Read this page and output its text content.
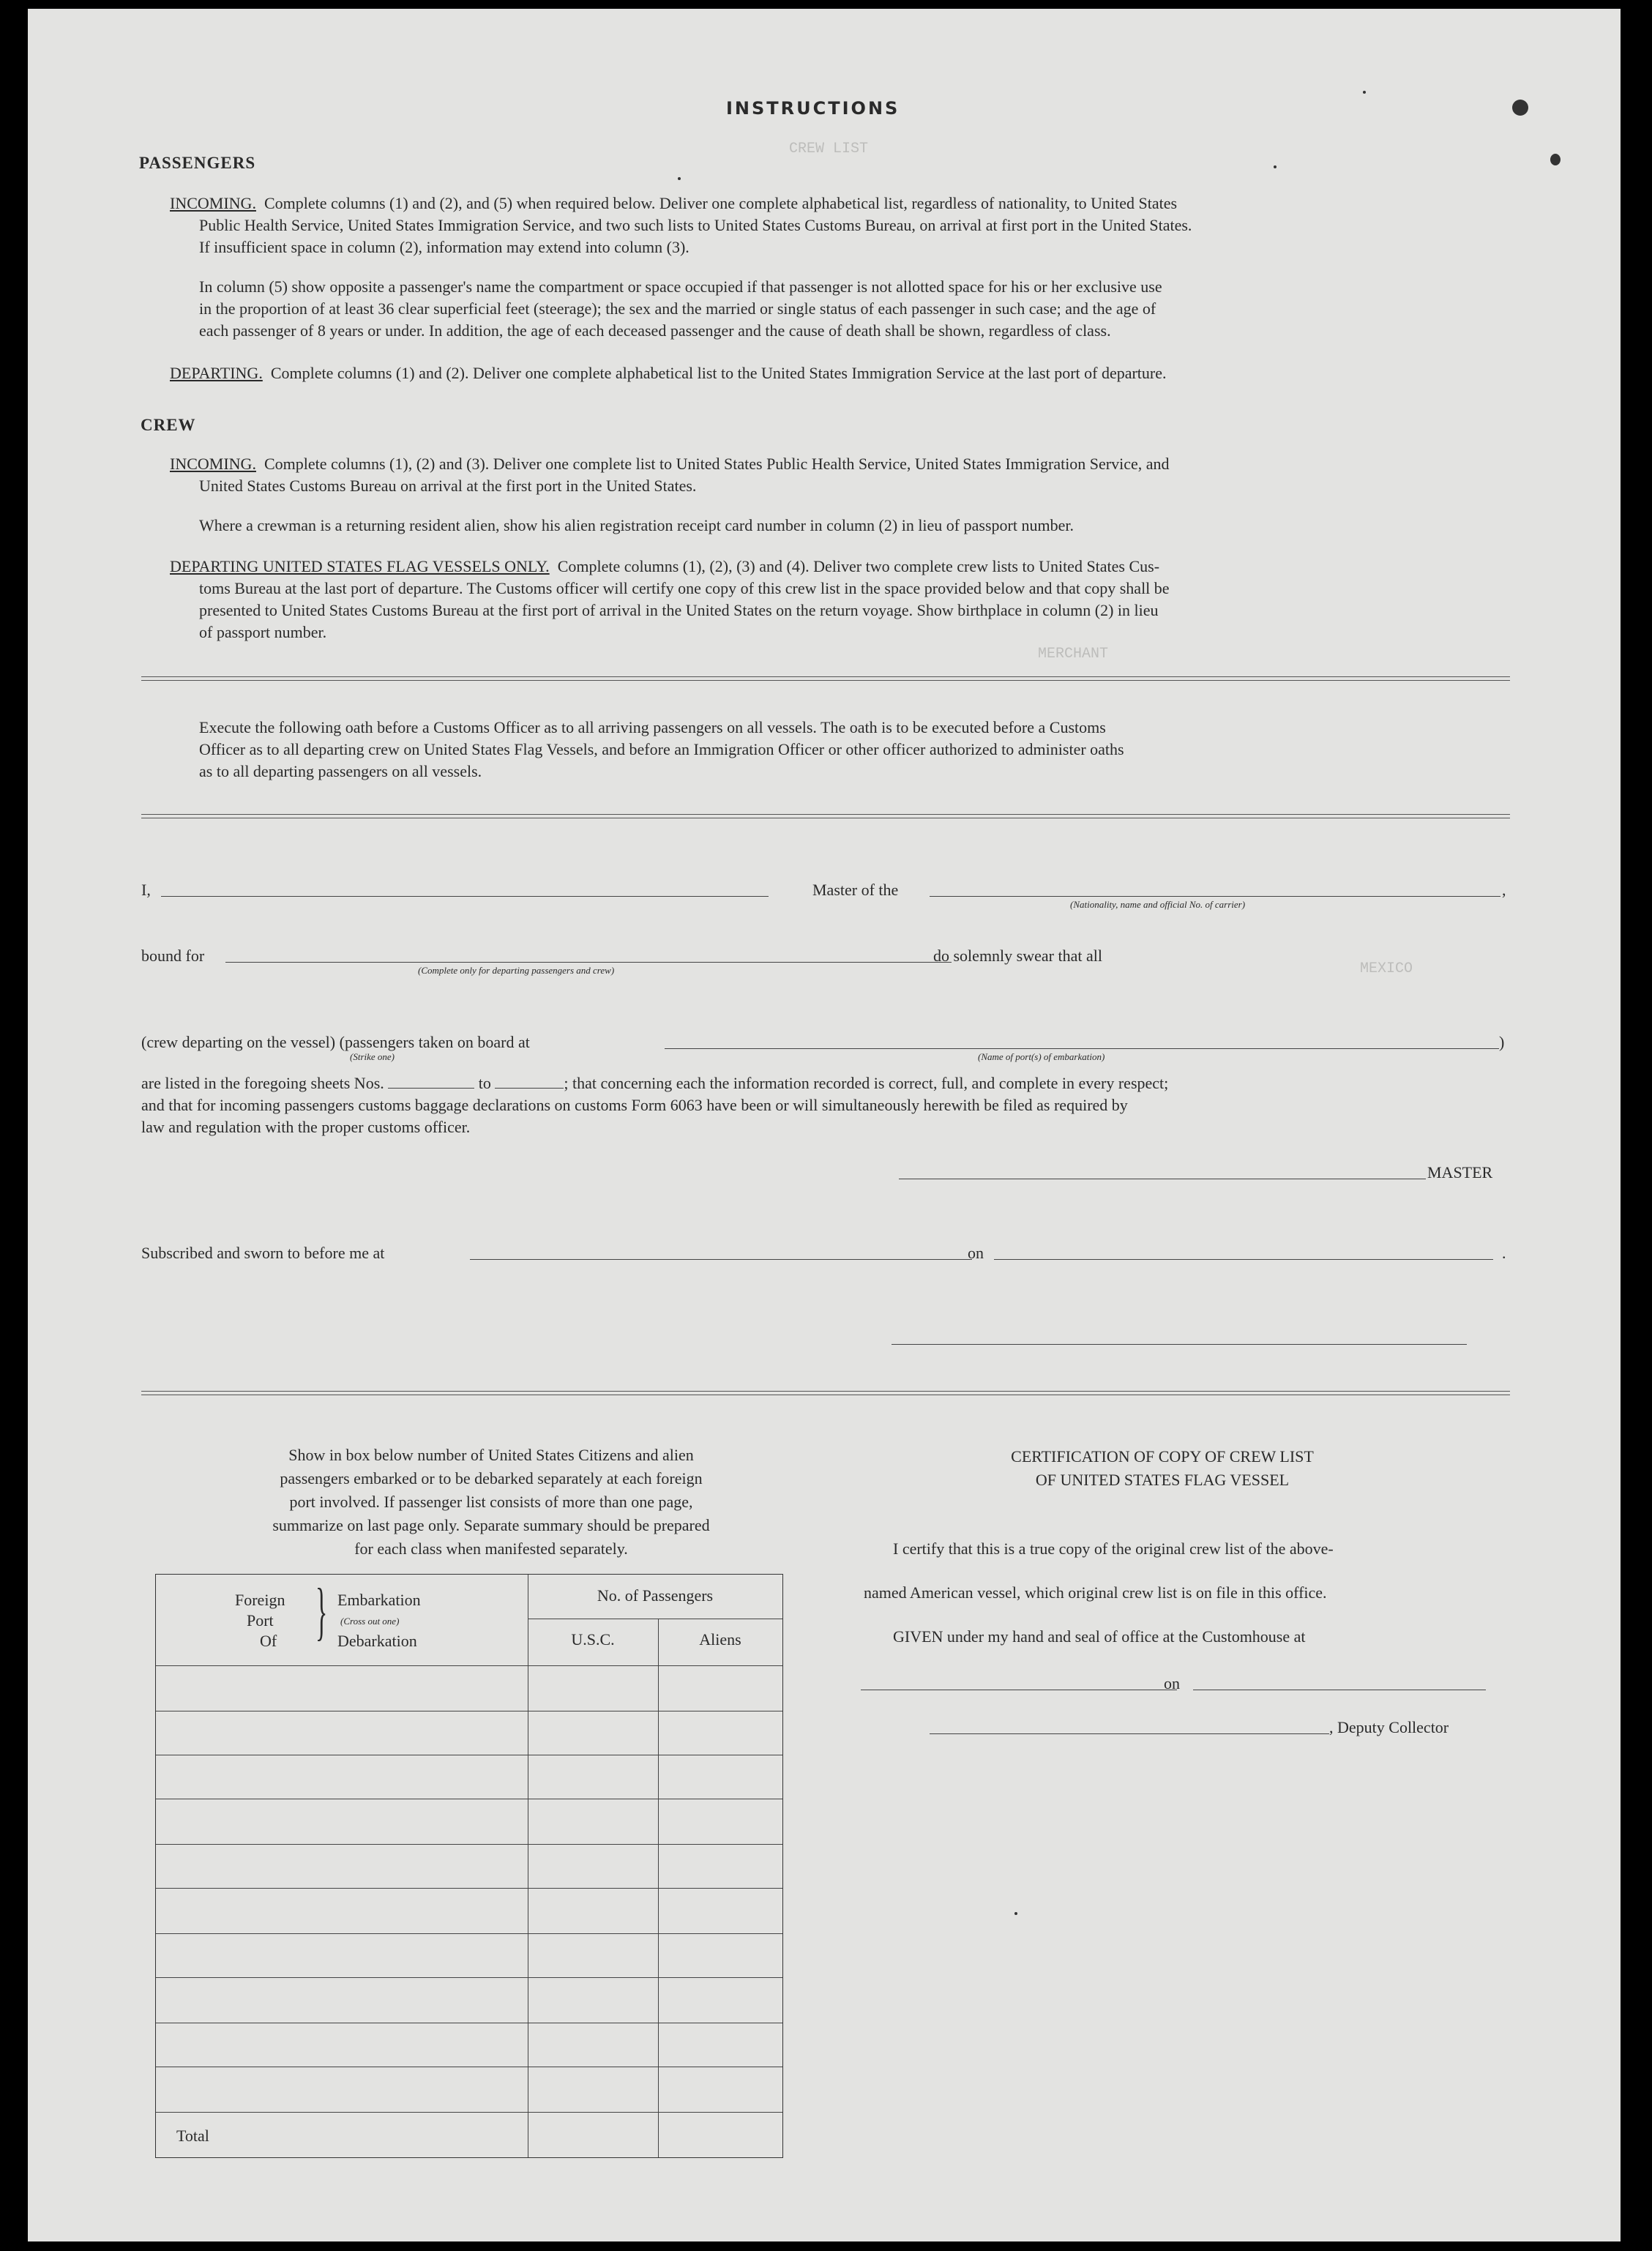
CREW LIST
MERCHANT
MEXICO
INSTRUCTIONS
PASSENGERS
INCOMING. Complete columns (1) and (2), and (5) when required below. Deliver one complete alphabetical list, regardless of nationality, to United States
Public Health Service, United States Immigration Service, and two such lists to United States Customs Bureau, on arrival at first port in the United States.
If insufficient space in column (2), information may extend into column (3).
In column (5) show opposite a passenger's name the compartment or space occupied if that passenger is not allotted space for his or her exclusive use
in the proportion of at least 36 clear superficial feet (steerage); the sex and the married or single status of each passenger in such case; and the age of
each passenger of 8 years or under. In addition, the age of each deceased passenger and the cause of death shall be shown, regardless of class.
DEPARTING. Complete columns (1) and (2). Deliver one complete alphabetical list to the United States Immigration Service at the last port of departure.
CREW
INCOMING. Complete columns (1), (2) and (3). Deliver one complete list to United States Public Health Service, United States Immigration Service, and
United States Customs Bureau on arrival at the first port in the United States.
Where a crewman is a returning resident alien, show his alien registration receipt card number in column (2) in lieu of passport number.
DEPARTING UNITED STATES FLAG VESSELS ONLY. Complete columns (1), (2), (3) and (4). Deliver two complete crew lists to United States Cus-
toms Bureau at the last port of departure. The Customs officer will certify one copy of this crew list in the space provided below and that copy shall be
presented to United States Customs Bureau at the first port of arrival in the United States on the return voyage. Show birthplace in column (2) in lieu
of passport number.
Execute the following oath before a Customs Officer as to all arriving passengers on all vessels. The oath is to be executed before a Customs
Officer as to all departing crew on United States Flag Vessels, and before an Immigration Officer or other officer authorized to administer oaths
as to all departing passengers on all vessels.
I,	Master of the	,
(Nationality, name and official No. of carrier)
bound for
(Complete only for departing passengers and crew)
do solemnly swear that all
(crew departing on the vessel) (passengers taken on board at	)
(Strike one)	(Name of port(s) of embarkation)
are listed in the foregoing sheets Nos.	to	; that concerning each the information recorded is correct, full, and complete in every respect;
and that for incoming passengers customs baggage declarations on customs Form 6063 have been or will simultaneously herewith be filed as required by
law and regulation with the proper customs officer.
MASTER
Subscribed and sworn to before me at	on	.
Show in box below number of United States Citizens and alien
passengers embarked or to be debarked separately at each foreign
port involved. If passenger list consists of more than one page,
summarize on last page only. Separate summary should be prepared
for each class when manifested separately.
Foreign
Port
Of } Embarkation
(Cross out one)
Debarkation
No. of Passengers
U.S.C.	Aliens
Total
CERTIFICATION OF COPY OF CREW LIST
OF UNITED STATES FLAG VESSEL
I certify that this is a true copy of the original crew list of the above-
named American vessel, which original crew list is on file in this office.
GIVEN under my hand and seal of office at the Customhouse at
on
, Deputy Collector
